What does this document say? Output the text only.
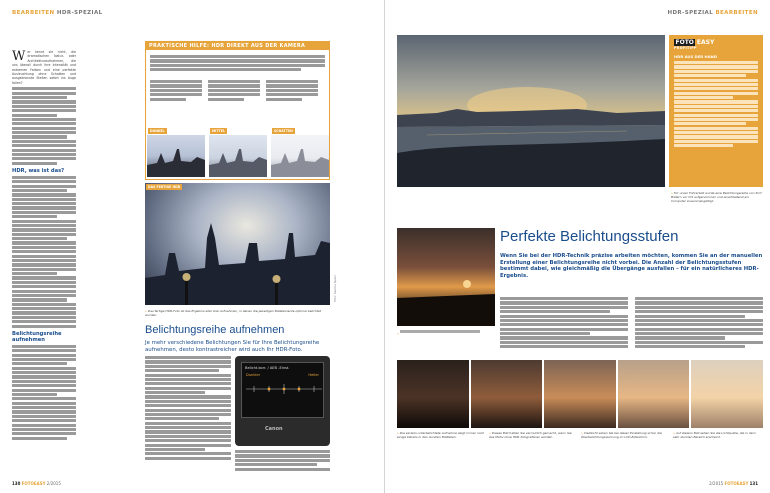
BEARBEITEN HDR-SPEZIAL

W er kennt sie nicht, die dramatischen Natur- oder Architekturaufnahmen, die uns überall durch ihre Intensität und extremen Farben und eine perfekte Ausleuchtung ohne Schatten und ausgebrannte Stellen sofort ins Auge fallen?

HDR, was ist das?
Belichtungsreihe aufnehmen
PRAKTISCHE HILFE: HDR DIREKT AUS DER KAMERA
DUNKEL	MITTEL	SCHATTEN
DAS FERTIGE HDR
Foto: Sascha Spahr
» Das fertige HDR-Foto ist das Ergebnis aller drei Aufnahmen, in denen die jeweiligen Bildelemente optimal belichtet wurden.
Belichtungsreihe aufnehmen
Je mehr verschiedene Belichtungen Sie für Ihre Belichtungsreihe aufnehmen, desto kontrastreicher wird auch Ihr HDR-Foto.
Belicht.korr. / AEB -Einst.
Dunkler	Heller
Canon
130 FOTOEASY 2/2015
HDR-SPEZIAL BEARBEITEN
FOTO EASY
PROFITIPP
HDR AUS DER HAND
» Für unser Führerbild wurde eine Belichtungsreihe von fünf Bildern vor Ort aufgenommen und anschließend am Computer zusammengefügt.
Perfekte Belichtungsstufen
Wenn Sie bei der HDR-Technik präzise arbeiten möchten, kommen Sie an der manuellen Erstellung einer Belichtungsreihe nicht vorbei. Die Anzahl der Belichtungsstufen bestimmt dabei, wie gleichmäßig die Übergänge ausfallen – für ein natürlicheres HDR-Ergebnis.
»
» Die einzeln unterbelichtete Aufnahme zeigt immer noch einige Details in den dunklen Bildteilen.
» Dieses Bild hatten Sie vermutlich gemacht, wenn Sie das Motiv ohne HDR fotografieren würden.
» Vielleicht sehen Sie bei dieser Einstellung schon die Überbelichtungswarnung im LCD-Bildschirm.
» Auf diesem Bild sehen Sie die Lichtquelle, die in dem sehr dunklen Bereich erscheint.
2/2015 FOTOEASY 131
